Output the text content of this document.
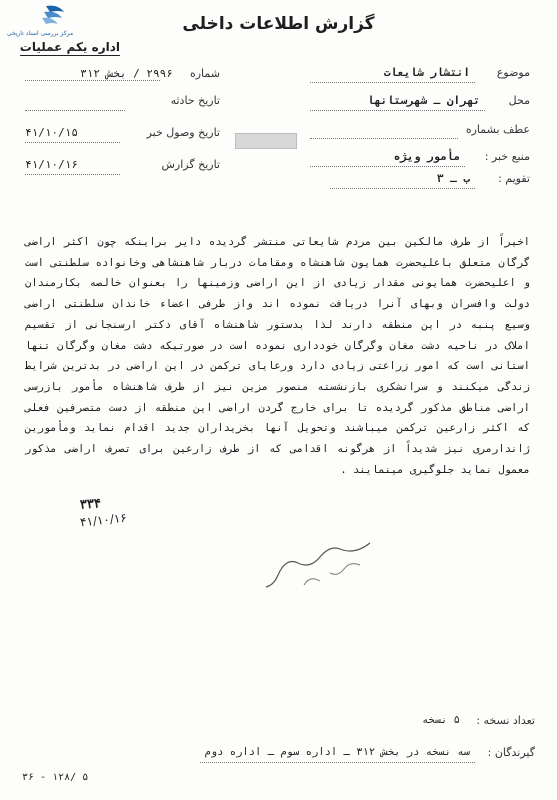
مرکز بررسی اسناد تاریخی	گزارش اطلاعات داخلی
اداره یکم عملیات
شماره ۲۹۹۶ / بخش ۳۱۲
تاریخ حادثه
تاریخ وصول خبر
۴۱/۱۰/۱۵
تاریخ گزارش
۴۱/۱۰/۱۶
موضوع
انتشار شایعات
محل
تهران ـ شهرستانها
عطف بشماره
منبع خبر :
مأمور ویژه
تقویم :
ب ـ ۳

اخیراً از طرف مالکین بین مردم شایعاتی منتشر گردیده داير براینکه چون اکثر اراضی گرگان متعلق باعلیحضرت همایون شاهنشاه ومقامات دربار شاهنشاهی وخانواده سلطنتی است و اعلیحضرت همایونی مقدار زیادی از این اراضی وزمینها را بعنوان خالصه بکارمندان دولت وافسران وبهای آنرا دریافت نموده اند واز طرفی اعضاء خاندان سلطنتی اراضی وسیع پنبه در این منطقه دارند لذا بدستور شاهنشاه آقای دکتر ارسنجانی از تقسیم املاک در ناحیه دشت مغان وگرگان خودداری نموده است در صورتیکه دشت مغان وگرگان تنها استانی است که امور زراعتی زیادی دارد ورعایای ترکمن در این اراضی در بدترین شرایط زندگی میکنند و سرانشکری بازنشسته منصور مزین نیز از طرف شاهنشاه مأمور بازرسی اراضی مناطق مذکور گردیده تا برای خارج گردن اراضی این منطقه از دست متصرفین فعلی که اکثر زارعین ترکمن میباشند وتحویل آنها بخریداران جدید اقدام نماید ومأمورین ژاندارمری نیز شدیداً از هرگونه اقدامی که از طرف زارعین برای تصرف اراضی مذکور معمول نماید جلوگیری مینمایند .

۳۳۴
۴۱/۱۰/۱۶
تعداد نسخه :
۵ نسخه
گیرندگان :
سه نسخه در بخش ۳۱۲ ـ اداره سوم ـ اداره دوم
۳۶ - ۱۲۸/ ۵
